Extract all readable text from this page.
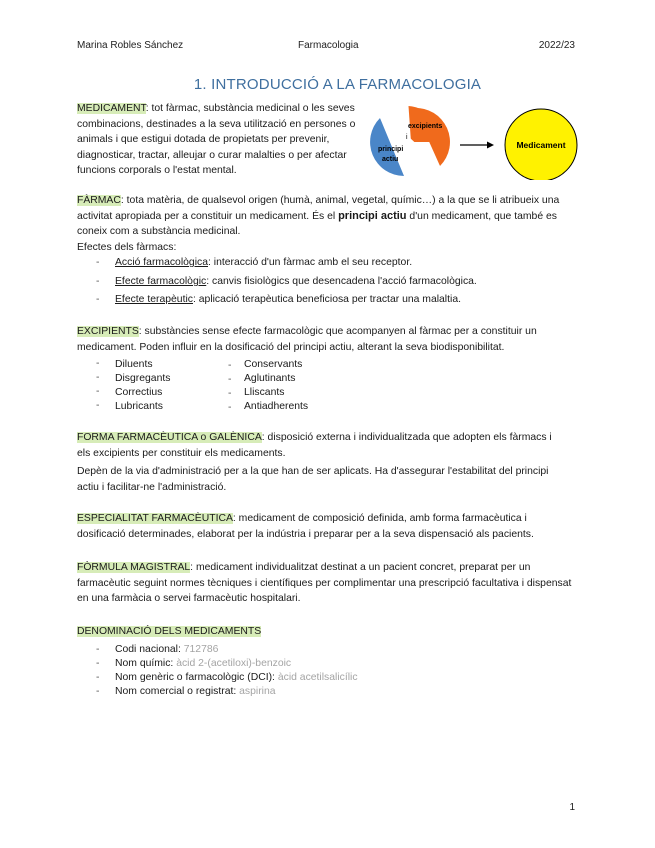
Marina Robles Sánchez	Farmacologia	2022/23
1. INTRODUCCIÓ A LA FARMACOLOGIA
MEDICAMENT: tot fàrmac, substància medicinal o les seves
combinacions, destinades a la seva utilització en persones o
animals i que estigui dotada de propietats per prevenir,
diagnosticar, tractar, alleujar o curar malalties o per afectar
funcions corporals o l'estat mental.
excipients
i
principi
actiu
Medicament
FÀRMAC: tota matèria, de qualsevol origen (humà, animal, vegetal, químic…) a la que se li atribueix una
activitat apropiada per a constituir un medicament. És el principi actiu d'un medicament, que també es
coneix com a substància medicinal.
Efectes dels fàrmacs:
- Acció farmacològica: interacció d'un fàrmac amb el seu receptor.
- Efecte farmacològic: canvis fisiològics que desencadena l'acció farmacològica.
- Efecte terapèutic: aplicació terapèutica beneficiosa per tractar una malaltia.
EXCIPIENTS: substàncies sense efecte farmacològic que acompanyen al fàrmac per a constituir un
medicament. Poden influir en la dosificació del principi actiu, alterant la seva biodisponibilitat.
- Diluents
- Disgregants
- Correctius
- Lubricants
- Conservants
- Aglutinants
- Lliscants
- Antiadherents
FORMA FARMACÈUTICA o GALÈNICA: disposició externa i individualitzada que adopten els fàrmacs i
els excipients per constituir els medicaments.
Depèn de la via d'administració per a la que han de ser aplicats. Ha d'assegurar l'estabilitat del principi
actiu i facilitar-ne l'administració.
ESPECIALITAT FARMACÈUTICA: medicament de composició definida, amb forma farmacèutica i
dosificació determinades, elaborat per la indústria i preparar per a la seva dispensació als pacients.
FÒRMULA MAGISTRAL: medicament individualitzat destinat a un pacient concret, preparat per un
farmacèutic seguint normes tècniques i científiques per complimentar una prescripció facultativa i dispensat
en una farmàcia o servei farmacèutic hospitalari.
DENOMINACIÓ DELS MEDICAMENTS
- Codi nacional: 712786
- Nom químic: àcid 2-(acetiloxi)-benzoic
- Nom genèric o farmacològic (DCI): àcid acetilsalicílic
- Nom comercial o registrat: aspirina
1
